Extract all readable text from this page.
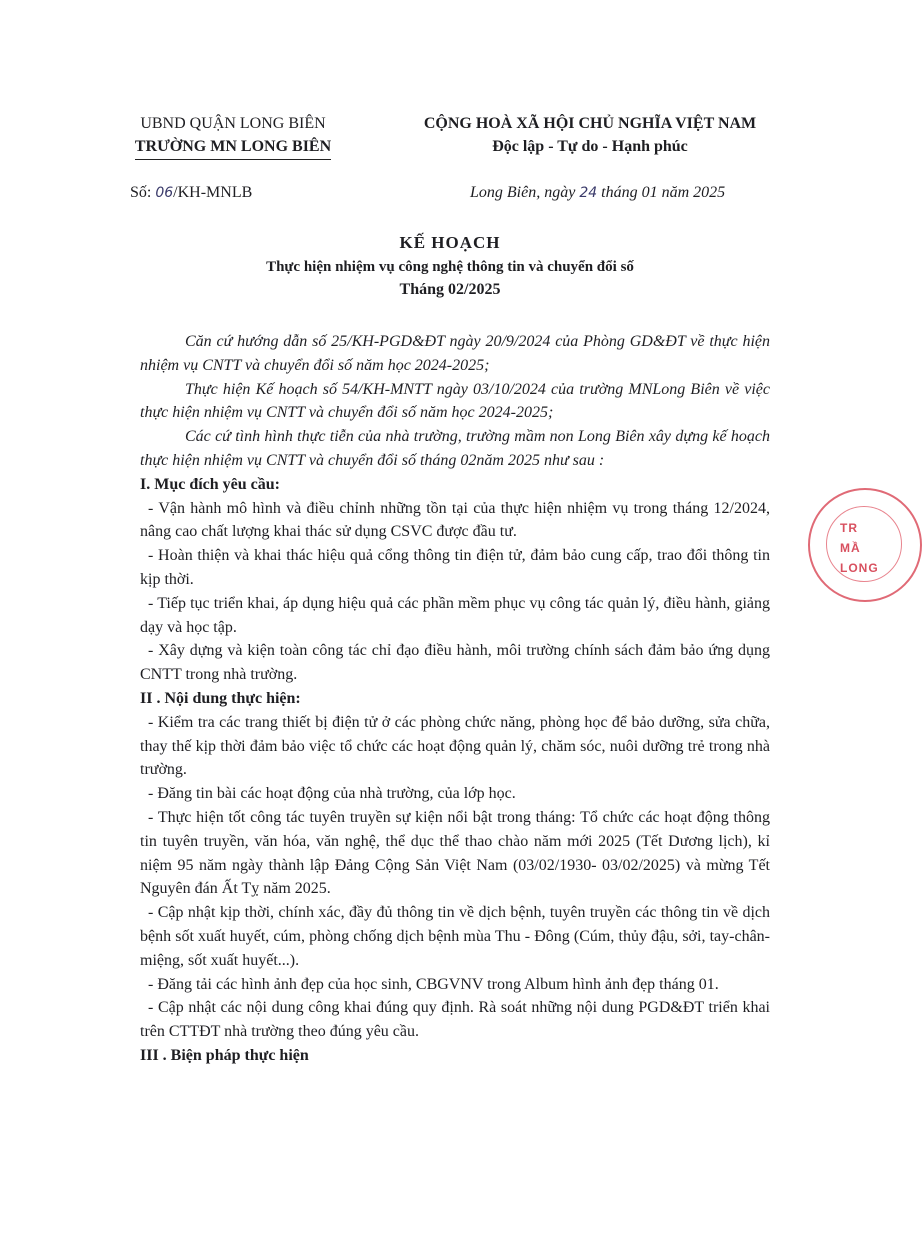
UBND QUẬN LONG BIÊN
TRƯỜNG MN LONG BIÊN
CỘNG HOÀ XÃ HỘI CHỦ NGHĨA VIỆT NAM
Độc lập - Tự do - Hạnh phúc
Số: 06/KH-MNLB	Long Biên, ngày 24 tháng 01 năm 2025
KẾ HOẠCH
Thực hiện nhiệm vụ công nghệ thông tin và chuyển đổi số
Tháng 02/2025

Căn cứ hướng dẫn số 25/KH-PGD&ĐT ngày 20/9/2024 của Phòng GD&ĐT về thực hiện nhiệm vụ CNTT và chuyển đổi số năm học 2024-2025;

Thực hiện Kế hoạch số 54/KH-MNTT ngày 03/10/2024 của trường MNLong Biên về việc thực hiện nhiệm vụ CNTT và chuyển đổi số năm học 2024-2025;

Các cứ tình hình thực tiễn của nhà trường, trường mầm non Long Biên xây dựng kế hoạch thực hiện nhiệm vụ CNTT và chuyển đổi số tháng 02năm 2025 như sau :

I. Mục đích yêu cầu:

- Vận hành mô hình và điều chỉnh những tồn tại của thực hiện nhiệm vụ trong tháng 12/2024, nâng cao chất lượng khai thác sử dụng CSVC được đầu tư.

- Hoàn thiện và khai thác hiệu quả cổng thông tin điện tử, đảm bảo cung cấp, trao đổi thông tin kịp thời.

- Tiếp tục triển khai, áp dụng hiệu quả các phần mềm phục vụ công tác quản lý, điều hành, giảng dạy và học tập.

- Xây dựng và kiện toàn công tác chỉ đạo điều hành, môi trường chính sách đảm bảo ứng dụng CNTT trong nhà trường.

II . Nội dung thực hiện:

- Kiểm tra các trang thiết bị điện tử ở các phòng chức năng, phòng học để bảo dưỡng, sửa chữa, thay thế kịp thời đảm bảo việc tổ chức các hoạt động quản lý, chăm sóc, nuôi dưỡng trẻ trong nhà trường.

- Đăng tin bài các hoạt động của nhà trường, của lớp học.

- Thực hiện tốt công tác tuyên truyền sự kiện nổi bật trong tháng: Tổ chức các hoạt động thông tin tuyên truyền, văn hóa, văn nghệ, thể dục thể thao chào năm mới 2025 (Tết Dương lịch), kỉ niệm 95 năm ngày thành lập Đảng Cộng Sản Việt Nam (03/02/1930- 03/02/2025) và mừng Tết Nguyên đán Ất Tỵ năm 2025.

- Cập nhật kịp thời, chính xác, đầy đủ thông tin về dịch bệnh, tuyên truyền các thông tin về dịch bệnh sốt xuất huyết, cúm, phòng chống dịch bệnh mùa Thu - Đông (Cúm, thủy đậu, sởi, tay-chân-miệng, sốt xuất huyết...).

- Đăng tải các hình ảnh đẹp của học sinh, CBGVNV trong Album hình ảnh đẹp tháng 01.

- Cập nhật các nội dung công khai đúng quy định. Rà soát những nội dung PGD&ĐT triển khai trên CTTĐT nhà trường theo đúng yêu cầu.

III . Biện pháp thực hiện

TR
MẦ
LONG
